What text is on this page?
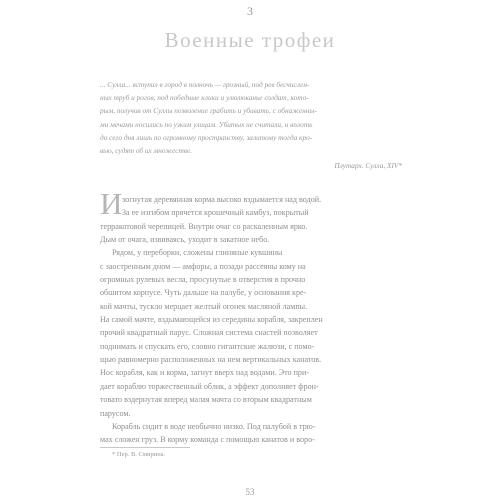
3
Военные трофеи
... Сулла... вступил в город в полночь — грозный, под рев бесчислен-
ных труб и рогов, под победные клики и улюлюканье солдат, кото-
рым, получив от Суллы позволение грабить и убивать, с обнаженны-
ми мечами носились по узким улицам. Убитых не считали, и вплоть
до сего дня лишь по огромному пространству, залитому тогда кро-
вью, судят об их множестве.
Плутарх. Сулла, XIV*
И зогнутая деревянная корма высоко вздымается над водой.
За ее изгибом прячется крошечный камбуз, покрытый
терракотовой черепицей. Внутри очаг со раскаленным ярко.
Дым от очага, извиваясь, уходит в закатное небо.
Рядом, у переборки, сложены глиняные кувшины
с заостренным дном — амфоры, а позади рассеяны кому на
огромных рулевых весла, просунутые в отверстия в прочно
обшитом корпусе. Чуть дальше на палубе, у основания кре-
кой мачты, тускло мерцает желтый огонек масляной лампы.
На самой мачте, вздымающейся из середины корабля, закреплен
прочий квадратный парус. Сложная система снастей позволяет
поднимать и спускать его, словно гигантские жалюзи, с помо-
щью равномерно расположенных на нем вертикальных канатов.
Нос корабля, как и корма, загнут вверх над водами. Это при-
дает кораблю торжественный облик, а эффект дополняет фрон-
товато вздернутая вперед малая мачта со вторым квадратным
парусом.
Корабль сидит в воде необычно низко. Под палубой в трю-
мах сложен груз. В корму команда с помощью канатов и воро-
* Пер. В. Смирина.
53
